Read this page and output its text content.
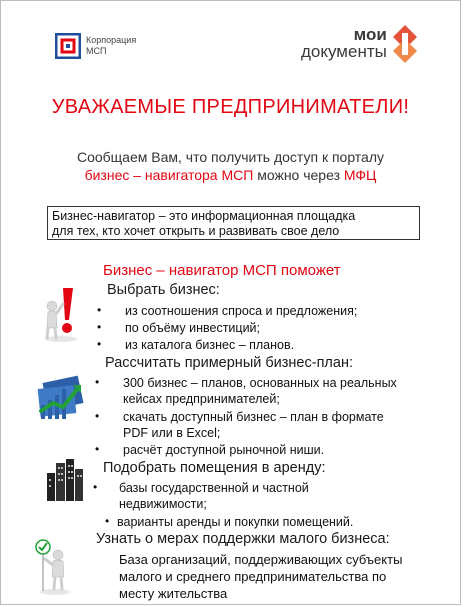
Корпорация
МСП
мои
документы
УВАЖАЕМЫЕ ПРЕДПРИНИМАТЕЛИ!
Сообщаем Вам, что получить доступ к порталу
бизнес – навигатора МСП можно через МФЦ
Бизнес-навигатор – это информационная площадка
для тех, кто хочет открыть и развивать свое дело
Бизнес – навигатор МСП поможет
Выбрать бизнес:
• из соотношения спроса и предложения;
• по объёму инвестиций;
• из каталога бизнес – планов.
Рассчитать примерный бизнес-план:
• 300 бизнес – планов, основанных на реальных
кейсах предпринимателей;
• скачать доступный бизнес – план в формате
PDF или в Excel;
• расчёт доступной рыночной ниши.
Подобрать помещения в аренду:
• базы государственной и частной
недвижимости;
• варианты аренды и покупки помещений.
Узнать о мерах поддержки малого бизнеса:
База организаций, поддерживающих субъекты
малого и среднего предпринимательства по
месту жительства
